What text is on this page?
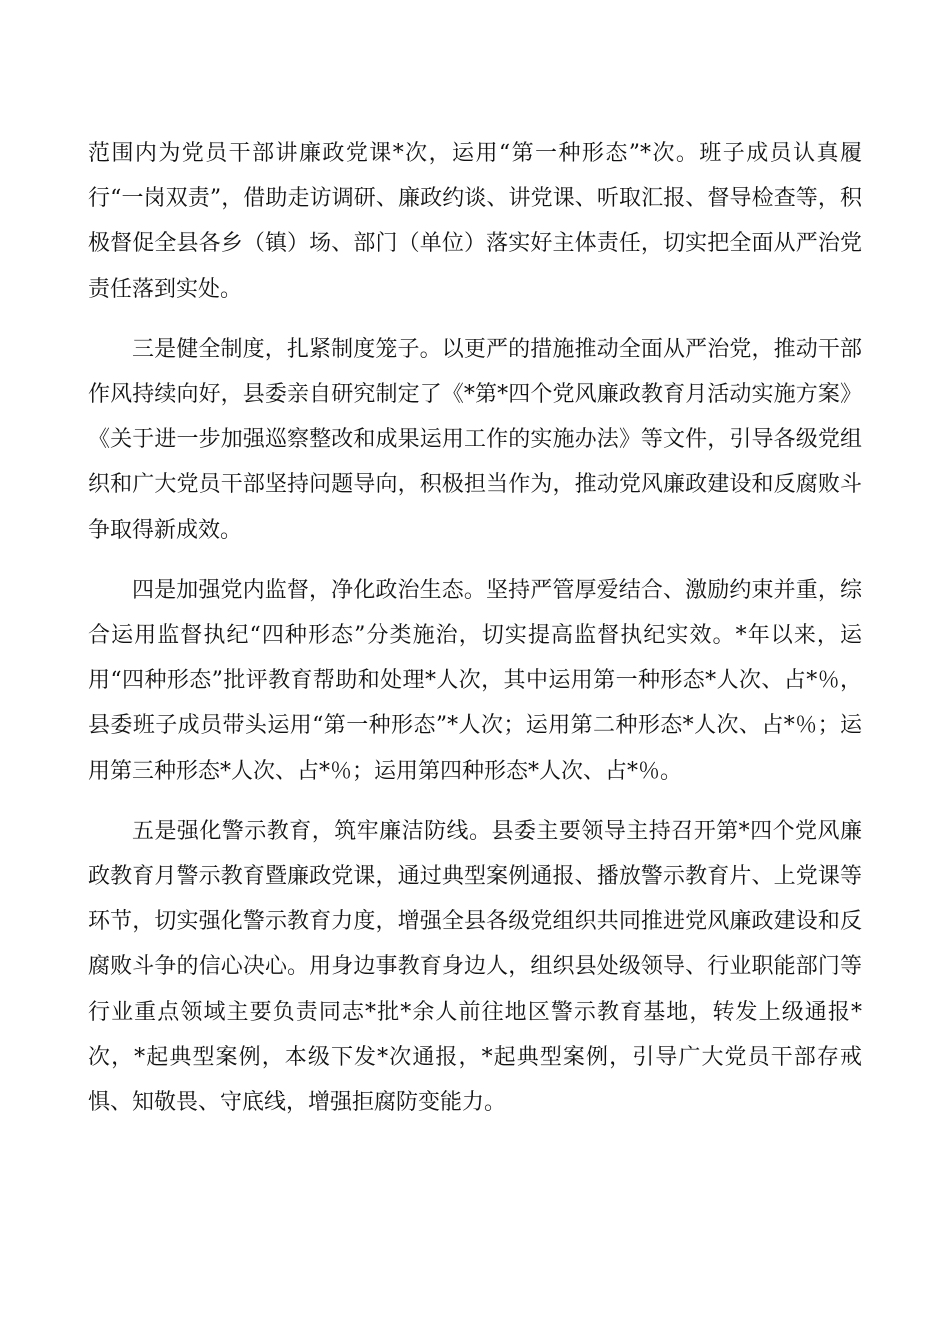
范围内为党员干部讲廉政党课*次，运用“第一种形态”*次。班子成员认真履行“一岗双责”，借助走访调研、廉政约谈、讲党课、听取汇报、督导检查等，积极督促全县各乡（镇）场、部门（单位）落实好主体责任，切实把全面从严治党责任落到实处。

三是健全制度，扎紧制度笼子。以更严的措施推动全面从严治党，推动干部作风持续向好，县委亲自研究制定了《*第*四个党风廉政教育月活动实施方案》《关于进一步加强巡察整改和成果运用工作的实施办法》等文件，引导各级党组织和广大党员干部坚持问题导向，积极担当作为，推动党风廉政建设和反腐败斗争取得新成效。

四是加强党内监督，净化政治生态。坚持严管厚爱结合、激励约束并重，综合运用监督执纪“四种形态”分类施治，切实提高监督执纪实效。*年以来，运用“四种形态”批评教育帮助和处理*人次，其中运用第一种形态*人次、占*％，县委班子成员带头运用“第一种形态”*人次；运用第二种形态*人次、占*％；运用第三种形态*人次、占*％；运用第四种形态*人次、占*％。

五是强化警示教育，筑牢廉洁防线。县委主要领导主持召开第*四个党风廉政教育月警示教育暨廉政党课，通过典型案例通报、播放警示教育片、上党课等环节，切实强化警示教育力度，增强全县各级党组织共同推进党风廉政建设和反腐败斗争的信心决心。用身边事教育身边人，组织县处级领导、行业职能部门等行业重点领域主要负责同志*批*余人前往地区警示教育基地，转发上级通报*次，*起典型案例，本级下发*次通报，*起典型案例，引导广大党员干部存戒惧、知敬畏、守底线，增强拒腐防变能力。
